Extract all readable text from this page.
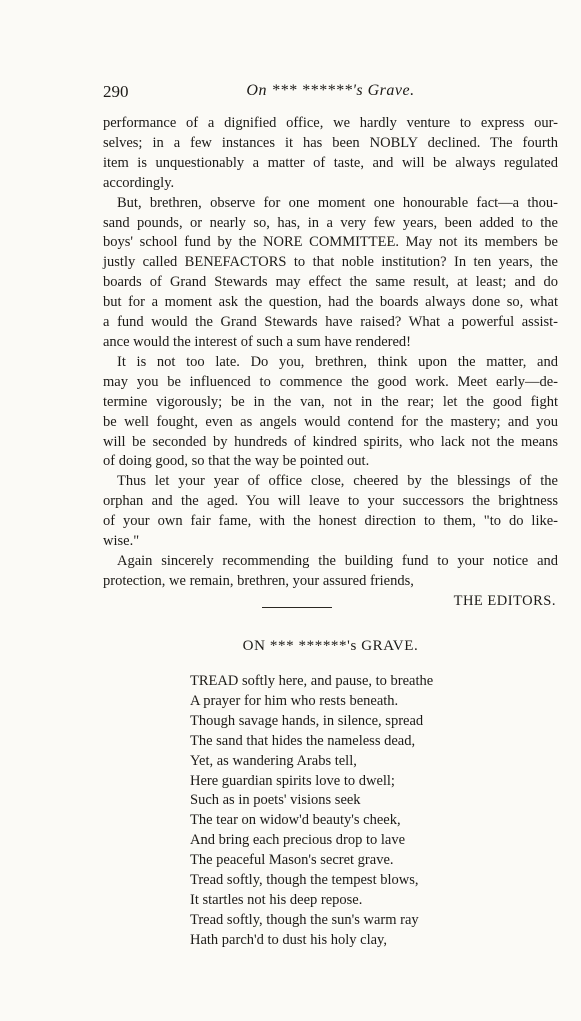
290	On *** ******'s Grave.
performance of a dignified office, we hardly venture to express our-
selves; in a few instances it has been NOBLY declined. The fourth
item is unquestionably a matter of taste, and will be always regulated
accordingly.
But, brethren, observe for one moment one honourable fact—a thou-
sand pounds, or nearly so, has, in a very few years, been added to the
boys' school fund by the NORE COMMITTEE. May not its members be
justly called BENEFACTORS to that noble institution? In ten years, the
boards of Grand Stewards may effect the same result, at least; and do
but for a moment ask the question, had the boards always done so, what
a fund would the Grand Stewards have raised? What a powerful assist-
ance would the interest of such a sum have rendered!
It is not too late. Do you, brethren, think upon the matter, and
may you be influenced to commence the good work. Meet early—de-
termine vigorously; be in the van, not in the rear; let the good fight
be well fought, even as angels would contend for the mastery; and you
will be seconded by hundreds of kindred spirits, who lack not the means
of doing good, so that the way be pointed out.
Thus let your year of office close, cheered by the blessings of the
orphan and the aged. You will leave to your successors the brightness
of your own fair fame, with the honest direction to them, "to do like-
wise."
Again sincerely recommending the building fund to your notice and
protection, we remain, brethren, your assured friends,
THE EDITORS.
ON *** ******'s GRAVE.
TREAD softly here, and pause, to breathe
A prayer for him who rests beneath.
Though savage hands, in silence, spread
The sand that hides the nameless dead,
Yet, as wandering Arabs tell,
Here guardian spirits love to dwell;
Such as in poets' visions seek
The tear on widow'd beauty's cheek,
And bring each precious drop to lave
The peaceful Mason's secret grave.
Tread softly, though the tempest blows,
It startles not his deep repose.
Tread softly, though the sun's warm ray
Hath parch'd to dust his holy clay,
